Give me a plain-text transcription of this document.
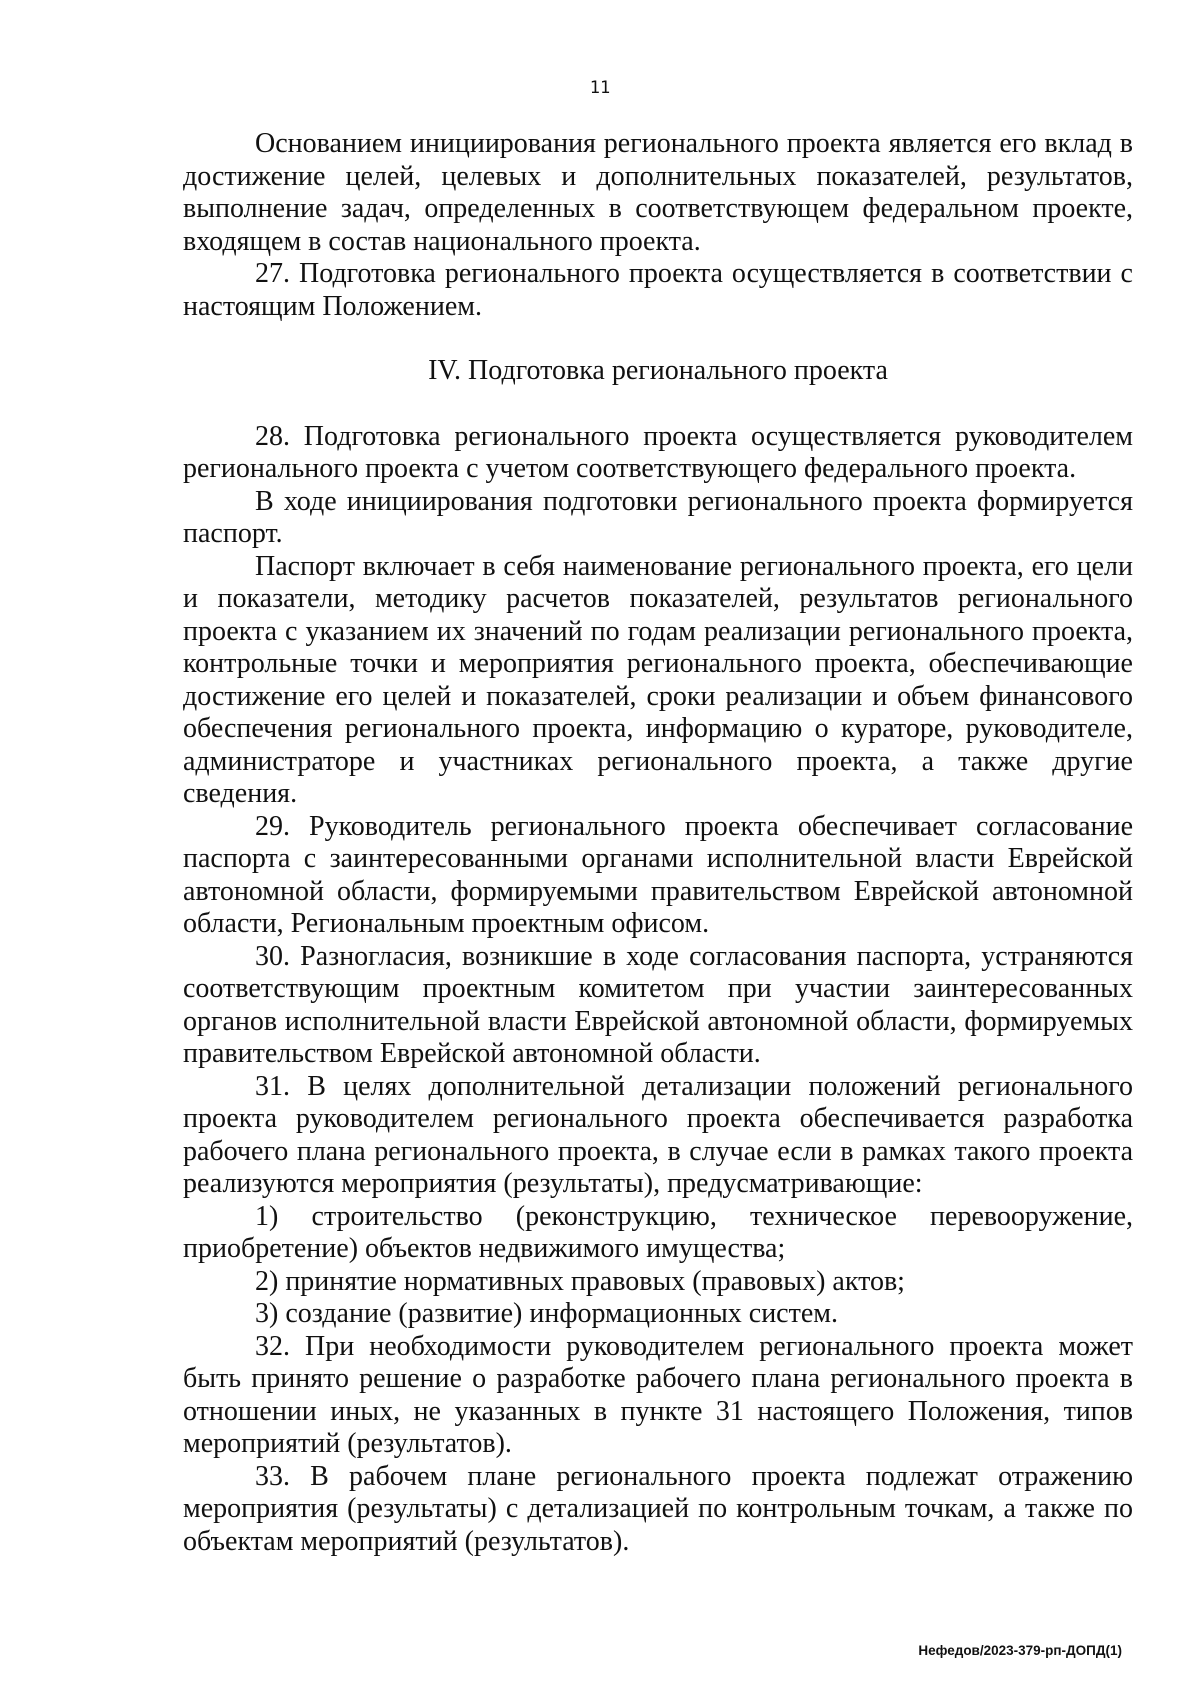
11

Основанием инициирования регионального проекта является его вклад в достижение целей, целевых и дополнительных показателей, результатов, выполнение задач, определенных в соответствующем федеральном проекте, входящем в состав национального проекта.

27. Подготовка регионального проекта осуществляется в соответствии с настоящим Положением.

IV. Подготовка регионального проекта

28. Подготовка регионального проекта осуществляется руководителем регионального проекта с учетом соответствующего федерального проекта.

В ходе инициирования подготовки регионального проекта формируется паспорт.

Паспорт включает в себя наименование регионального проекта, его цели и показатели, методику расчетов показателей, результатов регионального проекта с указанием их значений по годам реализации регионального проекта, контрольные точки и мероприятия регионального проекта, обеспечивающие достижение его целей и показателей, сроки реализации и объем финансового обеспечения регионального проекта, информацию о кураторе, руководителе, администраторе и участниках регионального проекта, а также другие сведения.

29. Руководитель регионального проекта обеспечивает согласование паспорта с заинтересованными органами исполнительной власти Еврейской автономной области, формируемыми правительством Еврейской автономной области, Региональным проектным офисом.

30. Разногласия, возникшие в ходе согласования паспорта, устраняются соответствующим проектным комитетом при участии заинтересованных органов исполнительной власти Еврейской автономной области, формируемых правительством Еврейской автономной области.

31. В целях дополнительной детализации положений регионального проекта руководителем регионального проекта обеспечивается разработка рабочего плана регионального проекта, в случае если в рамках такого проекта реализуются мероприятия (результаты), предусматривающие:

1) строительство (реконструкцию, техническое перевооружение, приобретение) объектов недвижимого имущества;

2) принятие нормативных правовых (правовых) актов;

3) создание (развитие) информационных систем.

32. При необходимости руководителем регионального проекта может быть принято решение о разработке рабочего плана регионального проекта в отношении иных, не указанных в пункте 31 настоящего Положения, типов мероприятий (результатов).

33. В рабочем плане регионального проекта подлежат отражению мероприятия (результаты) с детализацией по контрольным точкам, а также по объектам мероприятий (результатов).

Нефедов/2023-379-рп-ДОПД(1)
